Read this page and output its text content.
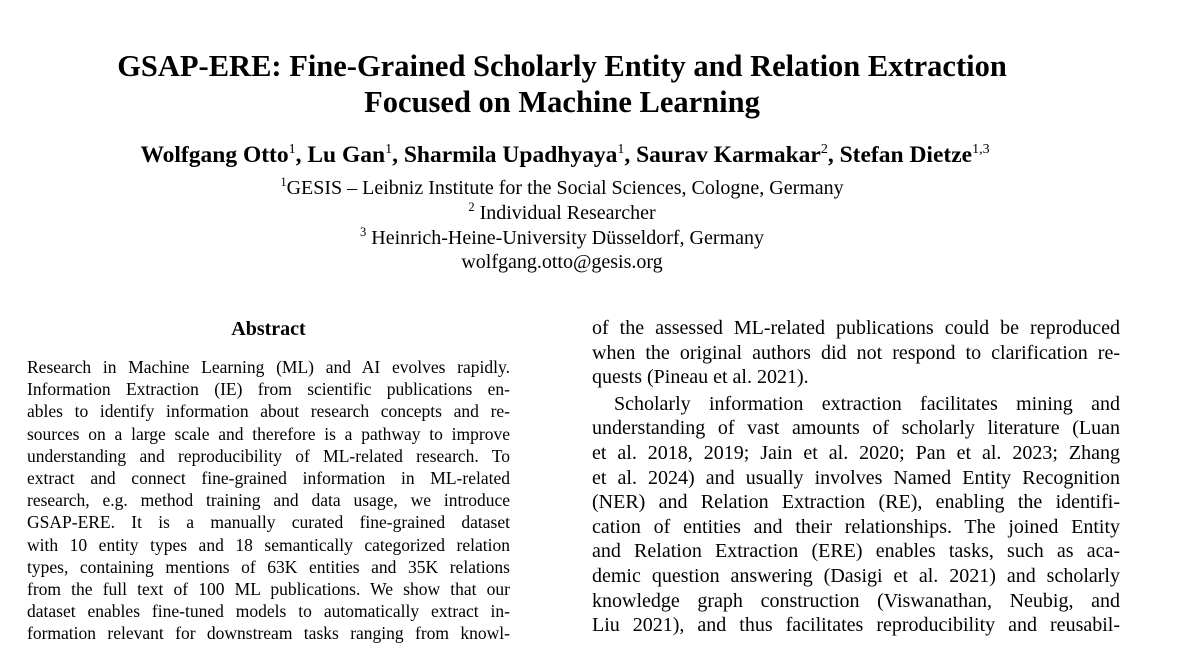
GSAP-ERE: Fine-Grained Scholarly Entity and Relation Extraction
Focused on Machine Learning
Wolfgang Otto$^1$, Lu Gan$^1$, Sharmila Upadhyaya$^1$, Saurav Karmakar$^2$, Stefan Dietze$^{1,3}$
$^1$GESIS – Leibniz Institute for the Social Sciences, Cologne, Germany
$^2$ Individual Researcher
$^3$ Heinrich-Heine-University Düsseldorf, Germany
wolfgang.otto@gesis.org
Abstract
Research in Machine Learning (ML) and AI evolves rapidly.
Information Extraction (IE) from scientific publications en-
ables to identify information about research concepts and re-
sources on a large scale and therefore is a pathway to improve
understanding and reproducibility of ML-related research. To
extract and connect fine-grained information in ML-related
research, e.g. method training and data usage, we introduce
GSAP-ERE. It is a manually curated fine-grained dataset
with 10 entity types and 18 semantically categorized relation
types, containing mentions of 63K entities and 35K relations
from the full text of 100 ML publications. We show that our
dataset enables fine-tuned models to automatically extract in-
formation relevant for downstream tasks ranging from knowl-
of the assessed ML-related publications could be reproduced
when the original authors did not respond to clarification re-
quests (Pineau et al. 2021).
Scholarly information extraction facilitates mining and
understanding of vast amounts of scholarly literature (Luan
et al. 2018, 2019; Jain et al. 2020; Pan et al. 2023; Zhang
et al. 2024) and usually involves Named Entity Recognition
(NER) and Relation Extraction (RE), enabling the identifi-
cation of entities and their relationships. The joined Entity
and Relation Extraction (ERE) enables tasks, such as aca-
demic question answering (Dasigi et al. 2021) and scholarly
knowledge graph construction (Viswanathan, Neubig, and
Liu 2021), and thus facilitates reproducibility and reusabil-
